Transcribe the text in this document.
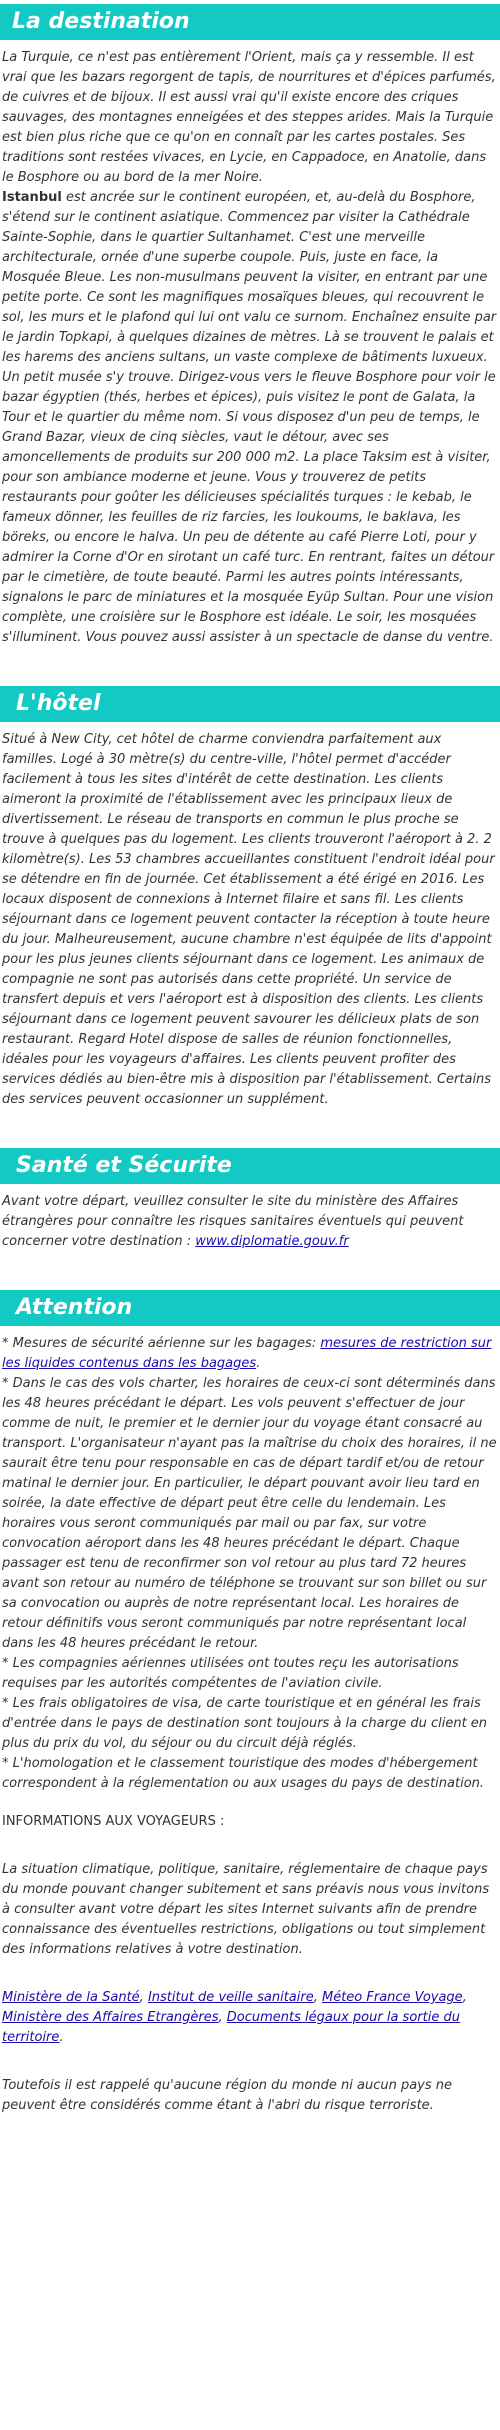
La destination

La Turquie, ce n'est pas entièrement l'Orient, mais ça y ressemble. Il est vrai que les bazars regorgent de tapis, de nourritures et d'épices parfumés, de cuivres et de bijoux. Il est aussi vrai qu'il existe encore des criques sauvages, des montagnes enneigées et des steppes arides. Mais la Turquie est bien plus riche que ce qu'on en connaît par les cartes postales. Ses traditions sont restées vivaces, en Lycie, en Cappadoce, en Anatolie, dans le Bosphore ou au bord de la mer Noire.

Istanbul est ancrée sur le continent européen, et, au-delà du Bosphore, s'étend sur le continent asiatique. Commencez par visiter la Cathédrale Sainte-Sophie, dans le quartier Sultanhamet. C'est une merveille architecturale, ornée d'une superbe coupole. Puis, juste en face, la Mosquée Bleue. Les non-musulmans peuvent la visiter, en entrant par une petite porte. Ce sont les magnifiques mosaïques bleues, qui recouvrent le sol, les murs et le plafond qui lui ont valu ce surnom. Enchaînez ensuite par le jardin Topkapi, à quelques dizaines de mètres. Là se trouvent le palais et les harems des anciens sultans, un vaste complexe de bâtiments luxueux. Un petit musée s'y trouve. Dirigez-vous vers le fleuve Bosphore pour voir le bazar égyptien (thés, herbes et épices), puis visitez le pont de Galata, la Tour et le quartier du même nom. Si vous disposez d'un peu de temps, le Grand Bazar, vieux de cinq siècles, vaut le détour, avec ses amoncellements de produits sur 200 000 m2. La place Taksim est à visiter, pour son ambiance moderne et jeune. Vous y trouverez de petits restaurants pour goûter les délicieuses spécialités turques : le kebab, le fameux dönner, les feuilles de riz farcies, les loukoums, le baklava, les böreks, ou encore le halva. Un peu de détente au café Pierre Loti, pour y admirer la Corne d'Or en sirotant un café turc. En rentrant, faites un détour par le cimetière, de toute beauté. Parmi les autres points intéressants, signalons le parc de miniatures et la mosquée Eyüp Sultan. Pour une vision complète, une croisière sur le Bosphore est idéale. Le soir, les mosquées s'illuminent. Vous pouvez aussi assister à un spectacle de danse du ventre.

L'hôtel

Situé à New City, cet hôtel de charme conviendra parfaitement aux familles. Logé à 30 mètre(s) du centre-ville, l'hôtel permet d'accéder facilement à tous les sites d'intérêt de cette destination. Les clients aimeront la proximité de l'établissement avec les principaux lieux de divertissement. Le réseau de transports en commun le plus proche se trouve à quelques pas du logement. Les clients trouveront l'aéroport à 2. 2 kilomètre(s). Les 53 chambres accueillantes constituent l'endroit idéal pour se détendre en fin de journée. Cet établissement a été érigé en 2016. Les locaux disposent de connexions à Internet filaire et sans fil. Les clients séjournant dans ce logement peuvent contacter la réception à toute heure du jour. Malheureusement, aucune chambre n'est équipée de lits d'appoint pour les plus jeunes clients séjournant dans ce logement. Les animaux de compagnie ne sont pas autorisés dans cette propriété. Un service de transfert depuis et vers l'aéroport est à disposition des clients. Les clients séjournant dans ce logement peuvent savourer les délicieux plats de son restaurant. Regard Hotel dispose de salles de réunion fonctionnelles, idéales pour les voyageurs d'affaires. Les clients peuvent profiter des services dédiés au bien-être mis à disposition par l'établissement. Certains des services peuvent occasionner un supplément.

Santé et Sécurite

Avant votre départ, veuillez consulter le site du ministère des Affaires étrangères pour connaître les risques sanitaires éventuels qui peuvent concerner votre destination : www.diplomatie.gouv.fr

Attention

* Mesures de sécurité aérienne sur les bagages: mesures de restriction sur les liquides contenus dans les bagages.

* Dans le cas des vols charter, les horaires de ceux-ci sont déterminés dans les 48 heures précédant le départ. Les vols peuvent s'effectuer de jour comme de nuit, le premier et le dernier jour du voyage étant consacré au transport. L'organisateur n'ayant pas la maîtrise du choix des horaires, il ne saurait être tenu pour responsable en cas de départ tardif et/ou de retour matinal le dernier jour. En particulier, le départ pouvant avoir lieu tard en soirée, la date effective de départ peut être celle du lendemain. Les horaires vous seront communiqués par mail ou par fax, sur votre convocation aéroport dans les 48 heures précédant le départ. Chaque passager est tenu de reconfirmer son vol retour au plus tard 72 heures avant son retour au numéro de téléphone se trouvant sur son billet ou sur sa convocation ou auprès de notre représentant local. Les horaires de retour définitifs vous seront communiqués par notre représentant local dans les 48 heures précédant le retour.

* Les compagnies aériennes utilisées ont toutes reçu les autorisations requises par les autorités compétentes de l'aviation civile.

* Les frais obligatoires de visa, de carte touristique et en général les frais d'entrée dans le pays de destination sont toujours à la charge du client en plus du prix du vol, du séjour ou du circuit déjà réglés.

* L'homologation et le classement touristique des modes d'hébergement correspondent à la réglementation ou aux usages du pays de destination.

INFORMATIONS AUX VOYAGEURS :

La situation climatique, politique, sanitaire, réglementaire de chaque pays du monde pouvant changer subitement et sans préavis nous vous invitons à consulter avant votre départ les sites Internet suivants afin de prendre connaissance des éventuelles restrictions, obligations ou tout simplement des informations relatives à votre destination.

Ministère de la Santé, Institut de veille sanitaire, Méteo France Voyage, Ministère des Affaires Etrangères, Documents légaux pour la sortie du territoire.

Toutefois il est rappelé qu'aucune région du monde ni aucun pays ne peuvent être considérés comme étant à l'abri du risque terroriste.
